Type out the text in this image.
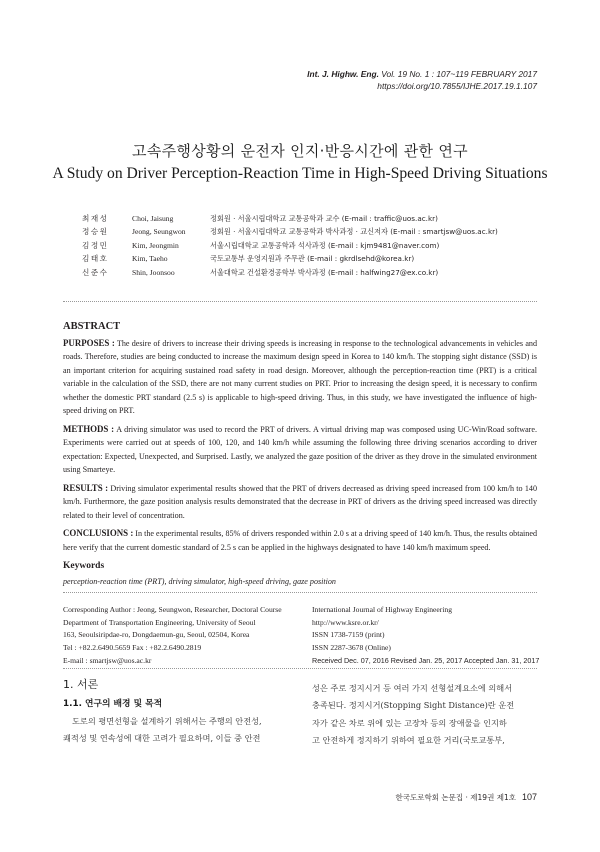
Int. J. Highw. Eng. Vol. 19 No. 1 : 107~119 FEBRUARY 2017
https://doi.org/10.7855/IJHE.2017.19.1.107
고속주행상황의 운전자 인지·반응시간에 관한 연구
A Study on Driver Perception-Reaction Time in High-Speed Driving Situations
최재성	Choi, Jaisung	정회원 · 서울시립대학교 교통공학과 교수 (E-mail : traffic@uos.ac.kr)
정승원	Jeong, Seungwon	정회원 · 서울시립대학교 교통공학과 박사과정 · 교신저자 (E-mail : smartjsw@uos.ac.kr)
김정민	Kim, Jeongmin	서울시립대학교 교통공학과 석사과정 (E-mail : kjm9481@naver.com)
김태호	Kim, Taeho	국토교통부 운영지원과 주무관 (E-mail : gkrdlsehd@korea.kr)
신준수	Shin, Joonsoo	서울대학교 건설환경공학부 박사과정 (E-mail : halfwing27@ex.co.kr)
ABSTRACT

PURPOSES : The desire of drivers to increase their driving speeds is increasing in response to the technological advancements in vehicles and roads. Therefore, studies are being conducted to increase the maximum design speed in Korea to 140 km/h. The stopping sight distance (SSD) is an important criterion for acquiring sustained road safety in road design. Moreover, although the perception-reaction time (PRT) is a critical variable in the calculation of the SSD, there are not many current studies on PRT. Prior to increasing the design speed, it is necessary to confirm whether the domestic PRT standard (2.5 s) is applicable to high-speed driving. Thus, in this study, we have investigated the influence of high-speed driving on PRT.

METHODS : A driving simulator was used to record the PRT of drivers. A virtual driving map was composed using UC-Win/Road software. Experiments were carried out at speeds of 100, 120, and 140 km/h while assuming the following three driving scenarios according to driver expectation: Expected, Unexpected, and Surprised. Lastly, we analyzed the gaze position of the driver as they drove in the simulated environment using Smarteye.

RESULTS : Driving simulator experimental results showed that the PRT of drivers decreased as driving speed increased from 100 km/h to 140 km/h. Furthermore, the gaze position analysis results demonstrated that the decrease in PRT of drivers as the driving speed increased was directly related to their level of concentration.

CONCLUSIONS : In the experimental results, 85% of drivers responded within 2.0 s at a driving speed of 140 km/h. Thus, the results obtained here verify that the current domestic standard of 2.5 s can be applied in the highways designated to have 140 km/h maximum speed.

Keywords

perception-reaction time (PRT), driving simulator, high-speed driving, gaze position

Corresponding Author : Jeong, Seungwon, Researcher, Doctoral Course
Department of Transportation Engineering, University of Seoul
163, Seoulsiripdae-ro, Dongdaemun-gu, Seoul, 02504, Korea
Tel : +82.2.6490.5659 Fax : +82.2.6490.2819
E-mail : smartjsw@uos.ac.kr
International Journal of Highway Engineering
http://www.ksre.or.kr/
ISSN 1738-7159 (print)
ISSN 2287-3678 (Online)
Received Dec. 07, 2016 Revised Jan. 25, 2017 Accepted Jan. 31, 2017
1. 서론
1.1. 연구의 배경 및 목적

도로의 평면선형을 설계하기 위해서는 주행의 안전성,
쾌적성 및 연속성에 대한 고려가 필요하며, 이들 중 안전

성은 주로 정지시거 등 여러 가지 선형설계요소에 의해서
충족된다. 정지시거(Stopping Sight Distance)란 운전
자가 같은 차로 위에 있는 고장차 등의 장애물을 인지하
고 안전하게 정지하기 위하여 필요한 거리(국토교통부,

한국도로학회 논문집 · 제19권 제1호 107
